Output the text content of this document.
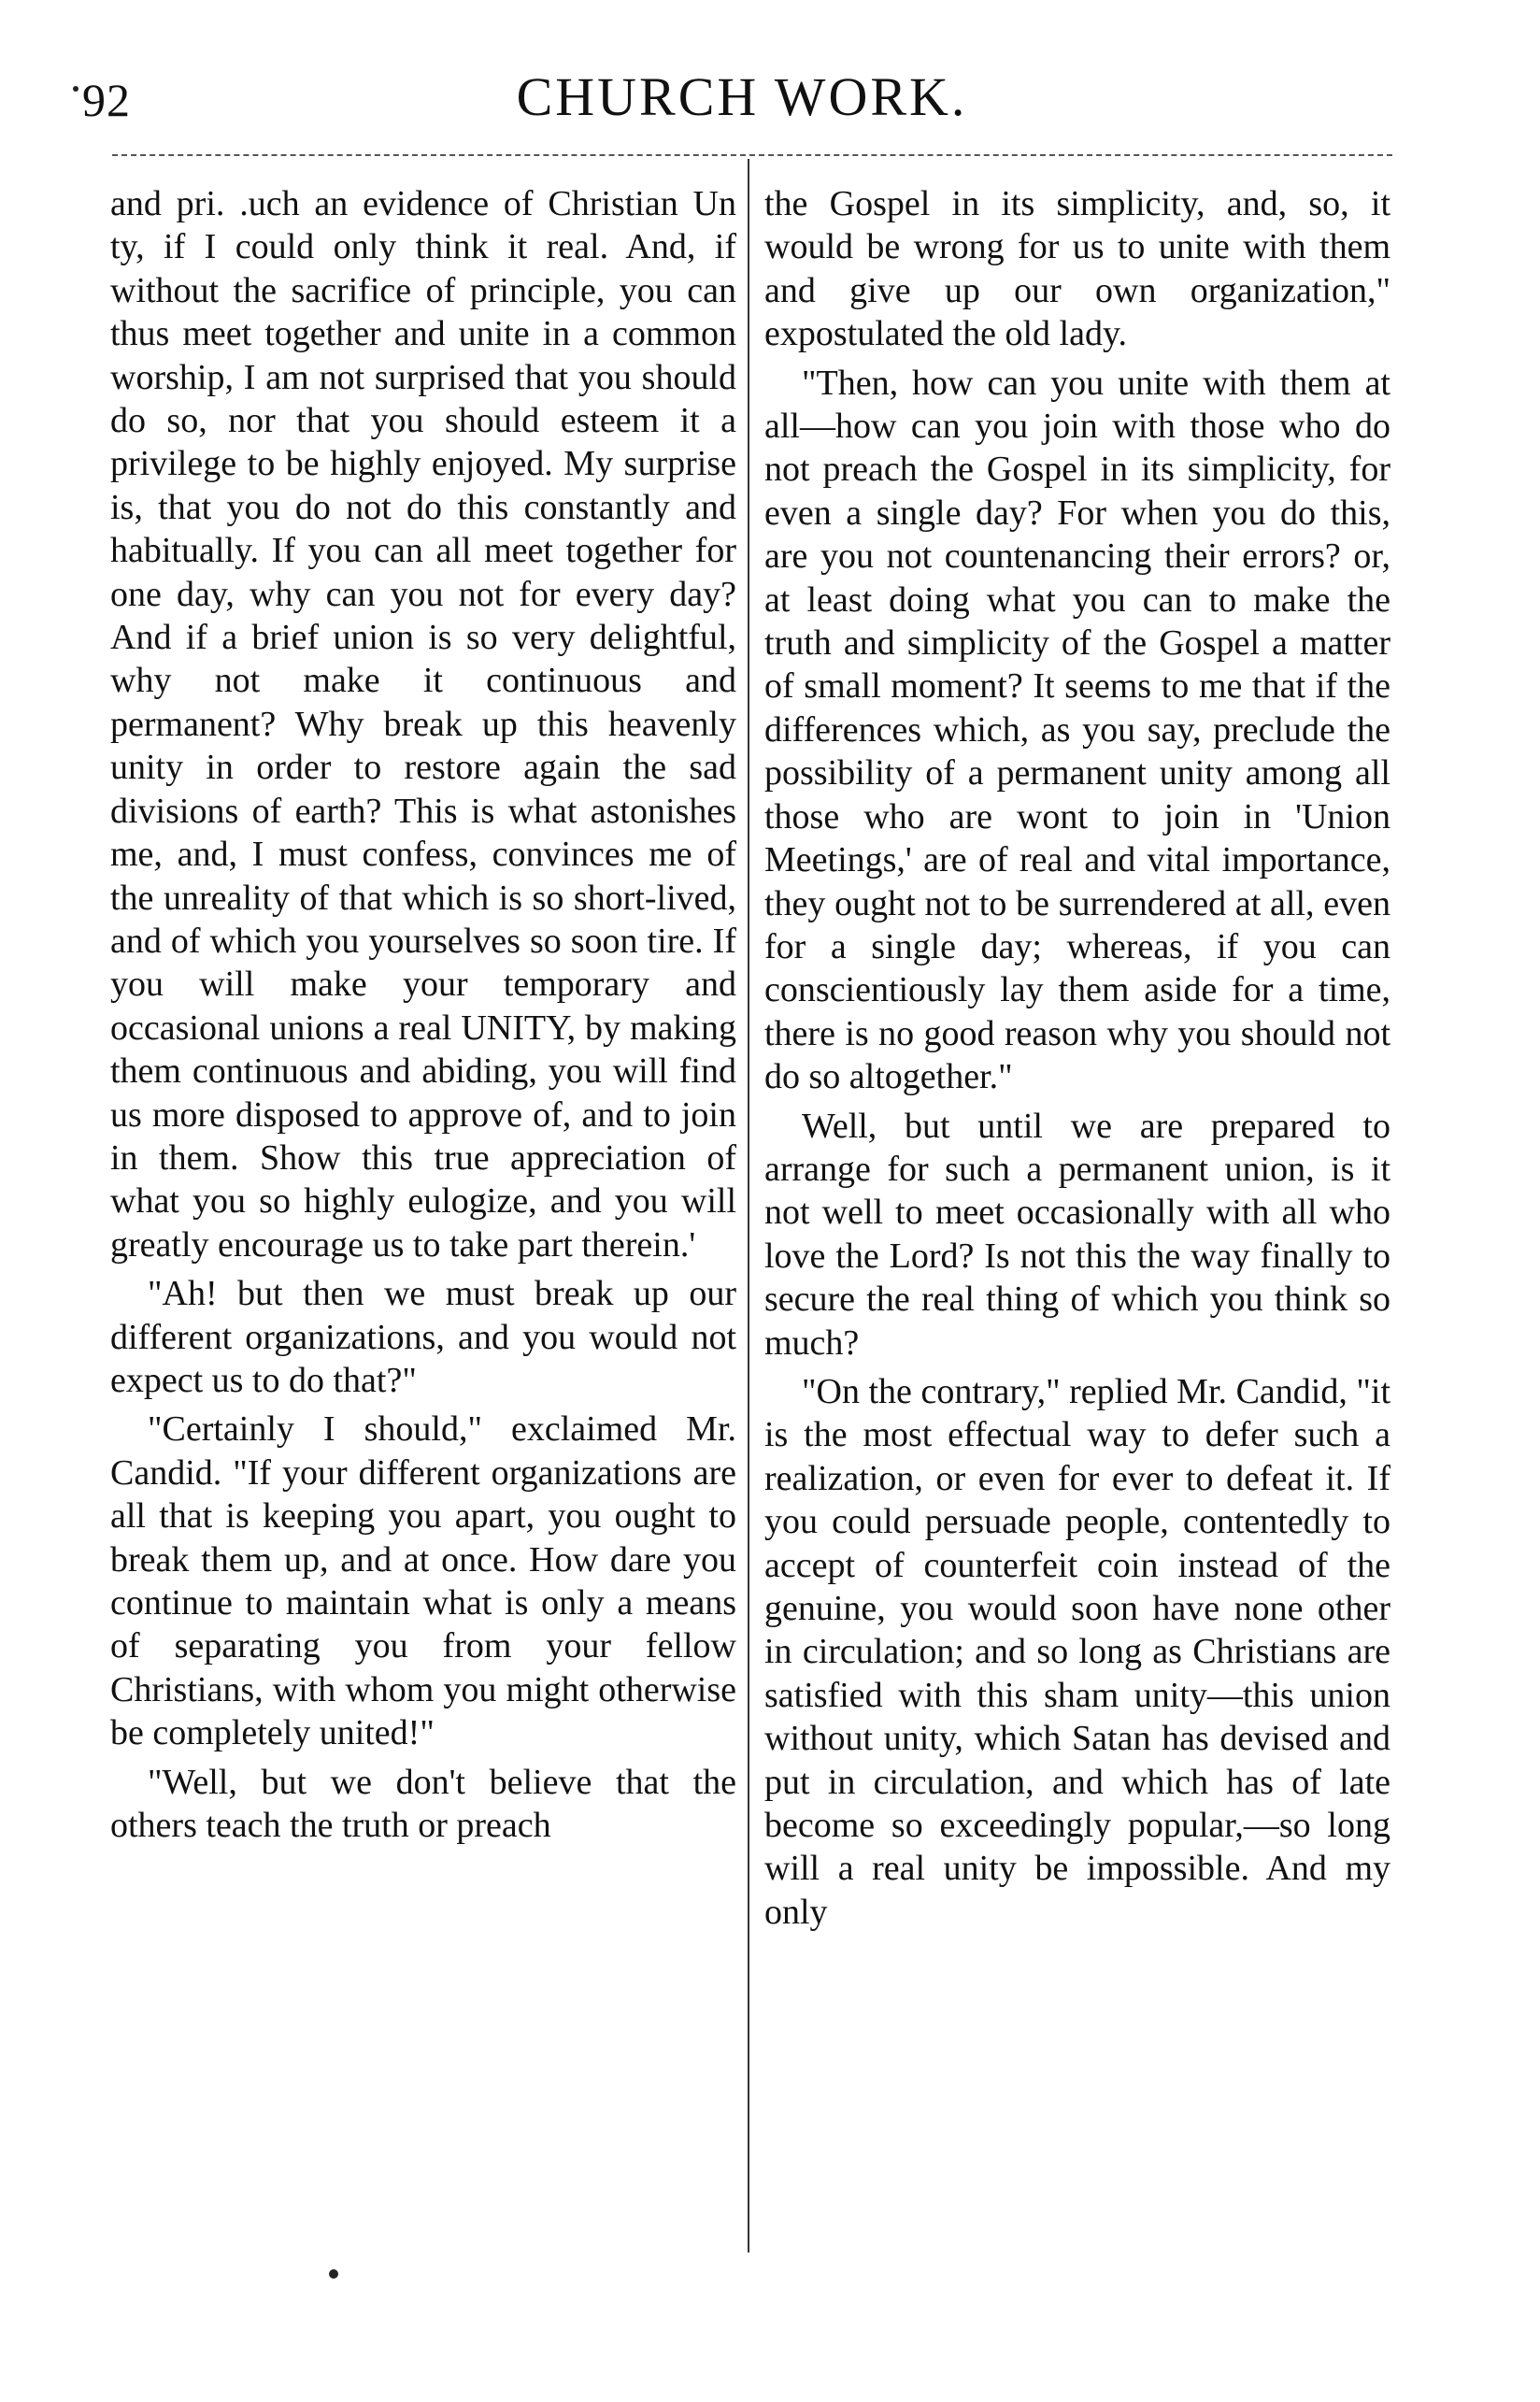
92	CHURCH WORK.

and pri. .uch an evidence of Christian Un ty, if I could only think it real. And, if without the sacrifice of principle, you can thus meet together and unite in a common worship, I am not surprised that you should do so, nor that you should esteem it a privilege to be highly enjoyed. My surprise is, that you do not do this constantly and habitually. If you can all meet together for one day, why can you not for every day? And if a brief union is so very delightful, why not make it continuous and permanent? Why break up this heavenly unity in order to restore again the sad divisions of earth? This is what astonishes me, and, I must confess, convinces me of the unreality of that which is so short-lived, and of which you yourselves so soon tire. If you will make your temporary and occasional unions a real UNITY, by making them continuous and abiding, you will find us more disposed to approve of, and to join in them. Show this true appreciation of what you so highly eulogize, and you will greatly encourage us to take part therein.'

"Ah! but then we must break up our different organizations, and you would not expect us to do that?"

"Certainly I should," exclaimed Mr. Candid. "If your different organizations are all that is keeping you apart, you ought to break them up, and at once. How dare you continue to maintain what is only a means of separating you from your fellow Christians, with whom you might otherwise be completely united!"

"Well, but we don't believe that the others teach the truth or preach

the Gospel in its simplicity, and, so, it would be wrong for us to unite with them and give up our own organization," expostulated the old lady.

"Then, how can you unite with them at all—how can you join with those who do not preach the Gospel in its simplicity, for even a single day? For when you do this, are you not countenancing their errors? or, at least doing what you can to make the truth and simplicity of the Gospel a matter of small moment? It seems to me that if the differences which, as you say, preclude the possibility of a permanent unity among all those who are wont to join in 'Union Meetings,' are of real and vital importance, they ought not to be surrendered at all, even for a single day; whereas, if you can conscientiously lay them aside for a time, there is no good reason why you should not do so altogether."

Well, but until we are prepared to arrange for such a permanent union, is it not well to meet occasionally with all who love the Lord? Is not this the way finally to secure the real thing of which you think so much?

"On the contrary," replied Mr. Candid, "it is the most effectual way to defer such a realization, or even for ever to defeat it. If you could persuade people, contentedly to accept of counterfeit coin instead of the genuine, you would soon have none other in circulation; and so long as Christians are satisfied with this sham unity—this union without unity, which Satan has devised and put in circulation, and which has of late become so exceedingly popular,—so long will a real unity be impossible. And my only
